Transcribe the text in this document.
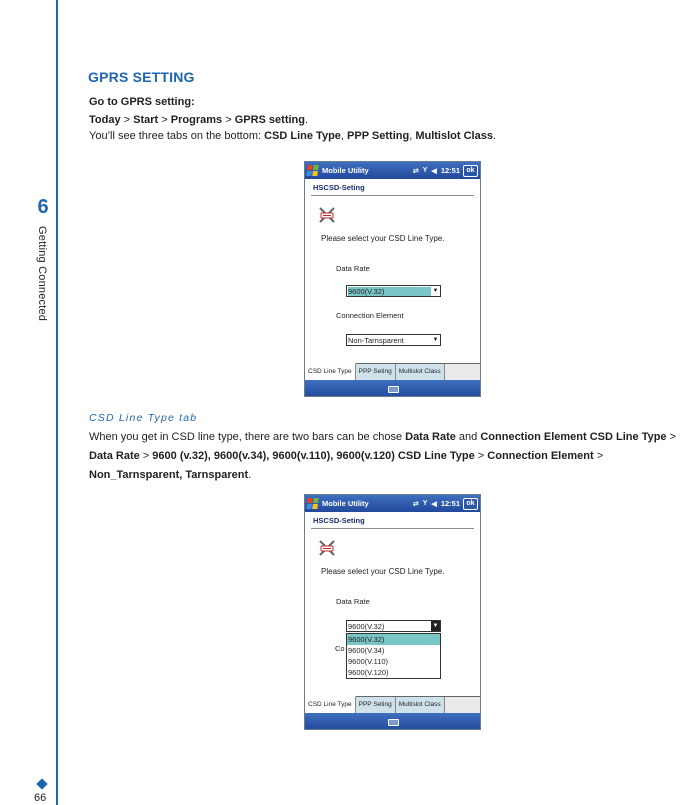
6
Getting Connected
66
GPRS SETTING
Go to GPRS setting:
Today > Start > Programs > GPRS setting.
You’ll see three tabs on the bottom: CSD Line Type, PPP Setting, Multislot Class.
Mobile Utility	⇄ Y ◀ 12:51 ok
HSCSD-Seting
Please select your CSD Line Type.
Data Rate
9600(V.32)	▼
Connection Element
Non-Tarnsparent	▼
CSD Line Type	PPP Seting	Multislot Class
CSD Line Type tab
When you get in CSD line type, there are two bars can be chose Data Rate and Connection Element CSD Line Type > Data Rate > 9600 (v.32), 9600(v.34), 9600(v.110), 9600(v.120) CSD Line Type > Connection Element > Non_Tarnsparent, Tarnsparent.
Mobile Utility	⇄ Y ◀ 12:51 ok
HSCSD-Seting
Please select your CSD Line Type.
Data Rate
9600(V.32)	▼
Co
9600(V.32)
9600(V.34)
9600(V.110)
9600(V.120)
CSD Line Type	PPP Seting	Multislot Class
